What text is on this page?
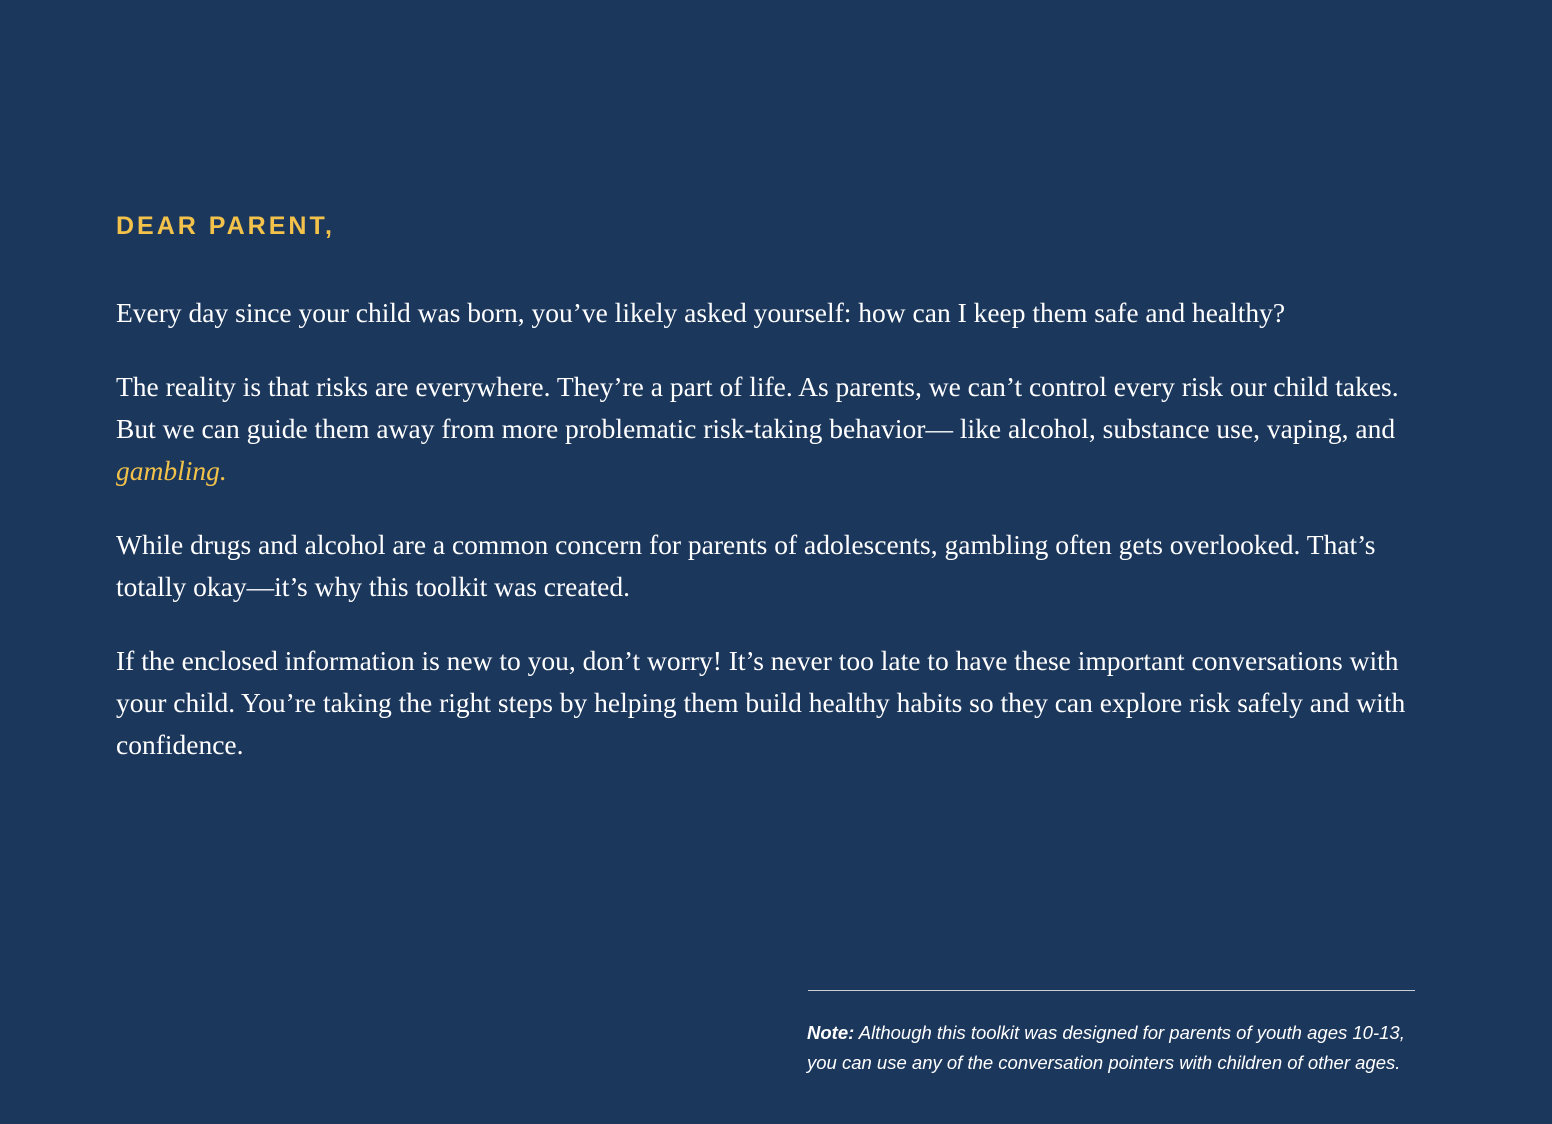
DEAR PARENT,

Every day since your child was born, you’ve likely asked yourself: how can I keep them safe and healthy?

The reality is that risks are everywhere. They’re a part of life. As parents, we can’t control every risk our child takes. But we can guide them away from more problematic risk-taking behavior— like alcohol, substance use, vaping, and gambling.

While drugs and alcohol are a common concern for parents of adolescents, gambling often gets overlooked. That’s totally okay—it’s why this toolkit was created.

If the enclosed information is new to you, don’t worry! It’s never too late to have these important conversations with your child. You’re taking the right steps by helping them build healthy habits so they can explore risk safely and with confidence.

Note: Although this toolkit was designed for parents of youth ages 10-13, you can use any of the conversation pointers with children of other ages.
